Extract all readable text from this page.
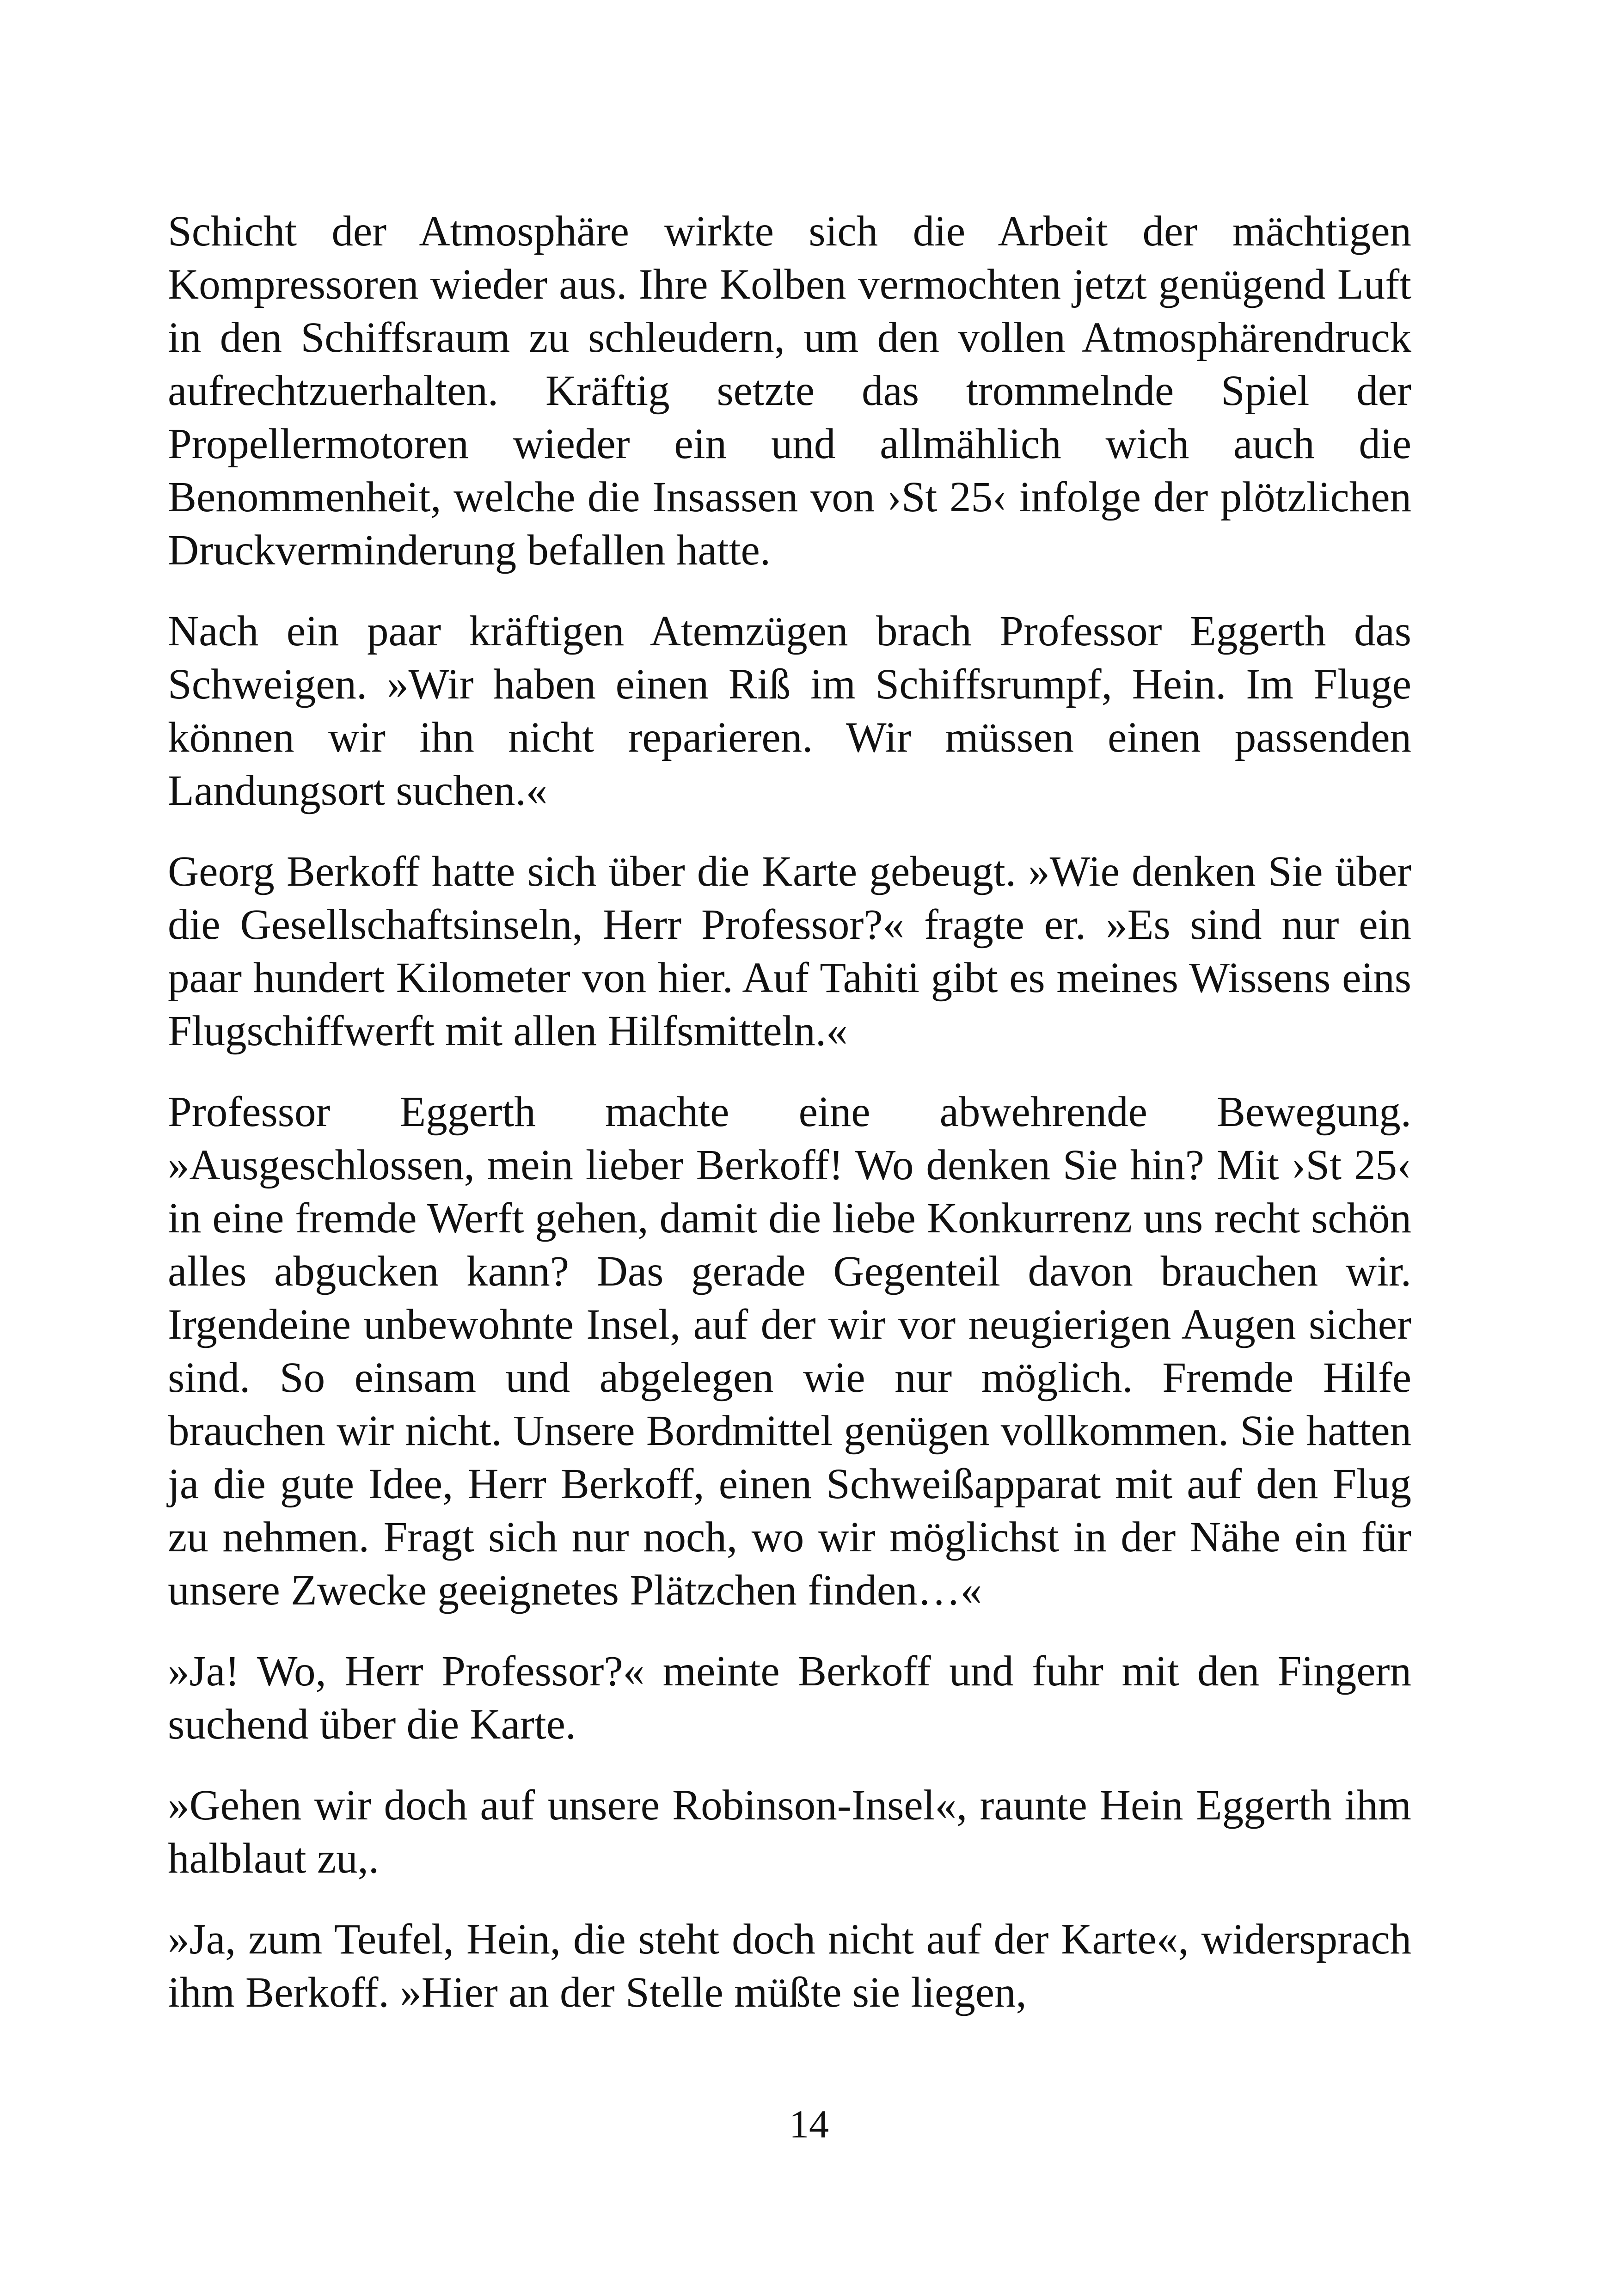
Schicht der Atmosphäre wirkte sich die Arbeit der mächtigen Kompressoren wieder aus. Ihre Kolben vermochten jetzt genügend Luft in den Schiffsraum zu schleudern, um den vollen Atmosphärendruck aufrechtzuerhalten. Kräftig setzte das trommelnde Spiel der Propellermotoren wieder ein und allmählich wich auch die Benommenheit, welche die Insassen von ›St 25‹ infolge der plötzlichen Druckverminderung befallen hatte.

Nach ein paar kräftigen Atemzügen brach Professor Eggerth das Schweigen. »Wir haben einen Riß im Schiffsrumpf, Hein. Im Fluge können wir ihn nicht reparieren. Wir müssen einen passenden Landungsort suchen.«

Georg Berkoff hatte sich über die Karte gebeugt. »Wie denken Sie über die Gesellschaftsinseln, Herr Professor?« fragte er. »Es sind nur ein paar hundert Kilometer von hier. Auf Tahiti gibt es meines Wissens eins Flugschiffwerft mit allen Hilfsmitteln.«

Professor Eggerth machte eine abwehrende Bewegung. »Ausgeschlossen, mein lieber Berkoff! Wo denken Sie hin? Mit ›St 25‹ in eine fremde Werft gehen, damit die liebe Konkurrenz uns recht schön alles abgucken kann? Das gerade Gegenteil davon brauchen wir. Irgendeine unbewohnte Insel, auf der wir vor neugierigen Augen sicher sind. So einsam und abgelegen wie nur möglich. Fremde Hilfe brauchen wir nicht. Unsere Bordmittel genügen vollkommen. Sie hatten ja die gute Idee, Herr Berkoff, einen Schweißapparat mit auf den Flug zu nehmen. Fragt sich nur noch, wo wir möglichst in der Nähe ein für unsere Zwecke geeignetes Plätzchen finden…«

»Ja! Wo, Herr Professor?« meinte Berkoff und fuhr mit den Fingern suchend über die Karte.

»Gehen wir doch auf unsere Robinson-Insel«, raunte Hein Eggerth ihm halblaut zu,.

»Ja, zum Teufel, Hein, die steht doch nicht auf der Karte«, widersprach ihm Berkoff. »Hier an der Stelle müßte sie liegen,

14
